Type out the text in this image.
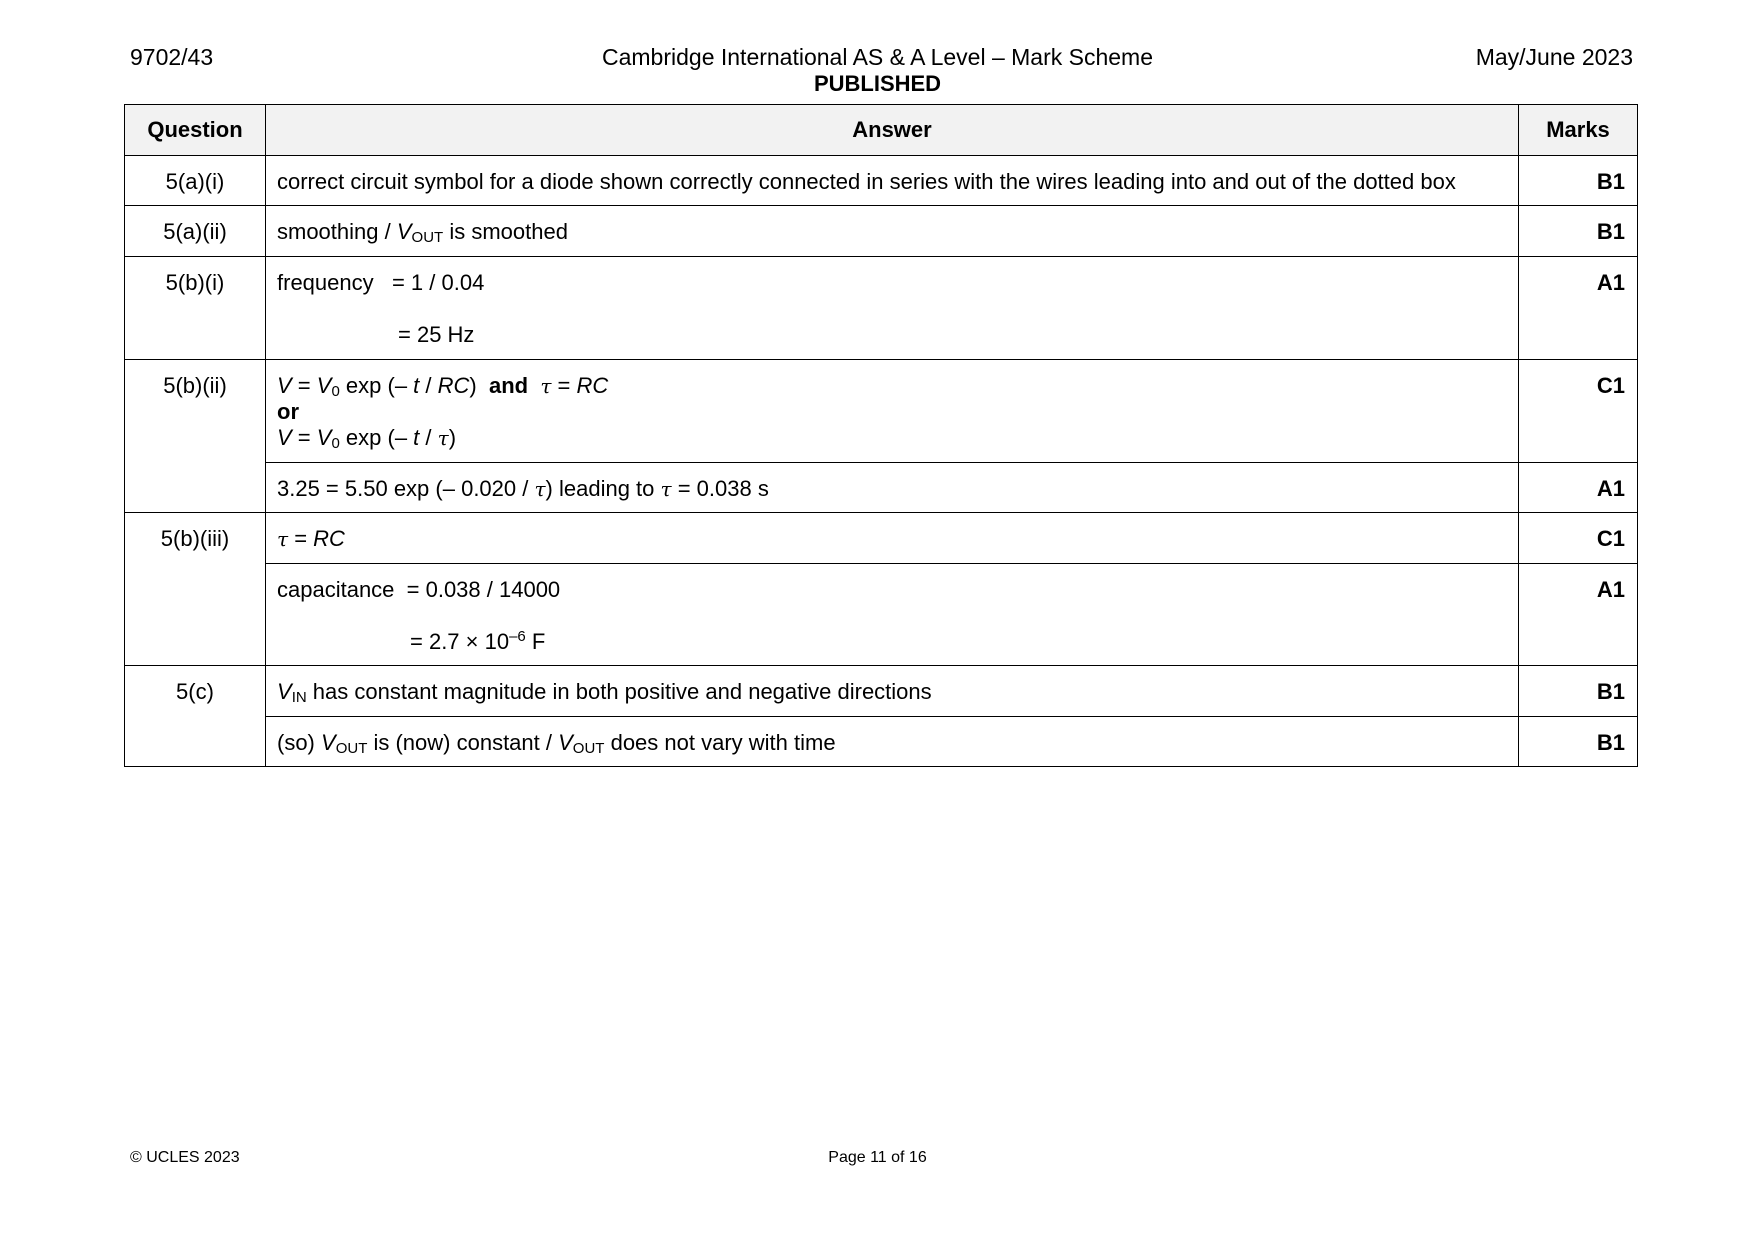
9702/43	Cambridge International AS & A Level – Mark Scheme
PUBLISHED
May/June 2023
Question	Answer	Marks
5(a)(i)	correct circuit symbol for a diode shown correctly connected in series with the wires leading into and out of the dotted box	B1
5(a)(ii)	smoothing / $V_{OUT}$ is smoothed	B1
5(b)(i)	frequency   = 1 / 0.04
= 25 Hz	A1
5(b)(ii)	$V = V_0$ exp (– t / RC)  and τ = RC
or
$V = V_0$ exp (– t / τ)	C1
	3.25 = 5.50 exp (– 0.020 / τ) leading to τ = 0.038 s	A1
5(b)(iii)	τ = RC	C1

	capacitance  = 0.038 / 14000
= $2.7 \times 10^{-6}$ F	A1
5(c)	$V_{IN}$ has constant magnitude in both positive and negative directions	B1
	(so) $V_{OUT}$ is (now) constant / $V_{OUT}$ does not vary with time	B1
© UCLES 2023	Page 11 of 16
